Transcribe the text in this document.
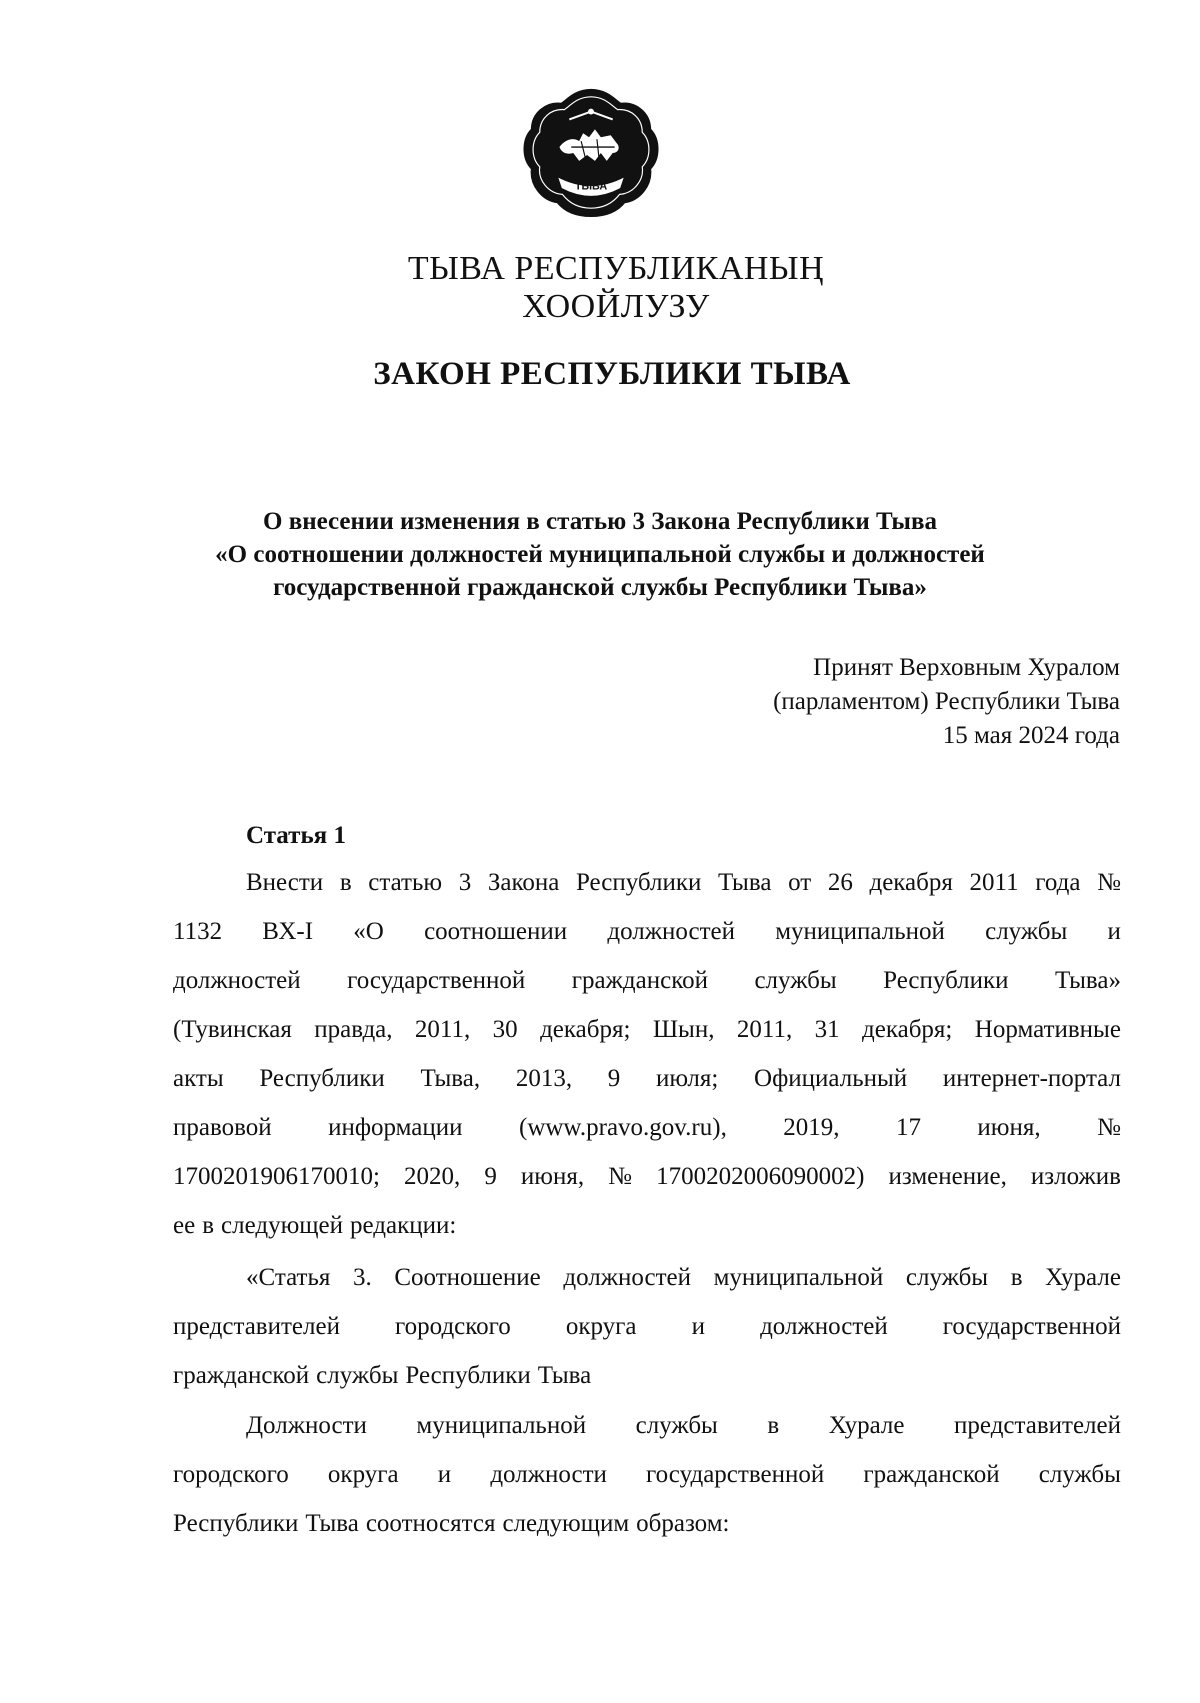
ТЫВА
ТЫВА РЕСПУБЛИКАНЫҢ
ХООЙЛУЗУ
ЗАКОН РЕСПУБЛИКИ ТЫВА
О внесении изменения в статью 3 Закона Республики Тыва
«О соотношении должностей муниципальной службы и должностей
государственной гражданской службы Республики Тыва»
Принят Верховным Хуралом
(парламентом) Республики Тыва
15 мая 2024 года
Статья 1
Внести в статью 3 Закона Республики Тыва от 26 декабря 2011 года №
1132 ВХ-I «О соотношении должностей муниципальной службы и
должностей государственной гражданской службы Республики Тыва»
(Тувинская правда, 2011, 30 декабря; Шын, 2011, 31 декабря; Нормативные
акты Республики Тыва, 2013, 9 июля; Официальный интернет-портал
правовой информации (www.pravo.gov.ru), 2019, 17 июня, №
1700201906170010; 2020, 9 июня, № 1700202006090002) изменение, изложив
ее в следующей редакции:
«Статья 3. Соотношение должностей муниципальной службы в Хурале
представителей городского округа и должностей государственной
гражданской службы Республики Тыва
Должности муниципальной службы в Хурале представителей
городского округа и должности государственной гражданской службы
Республики Тыва соотносятся следующим образом:
